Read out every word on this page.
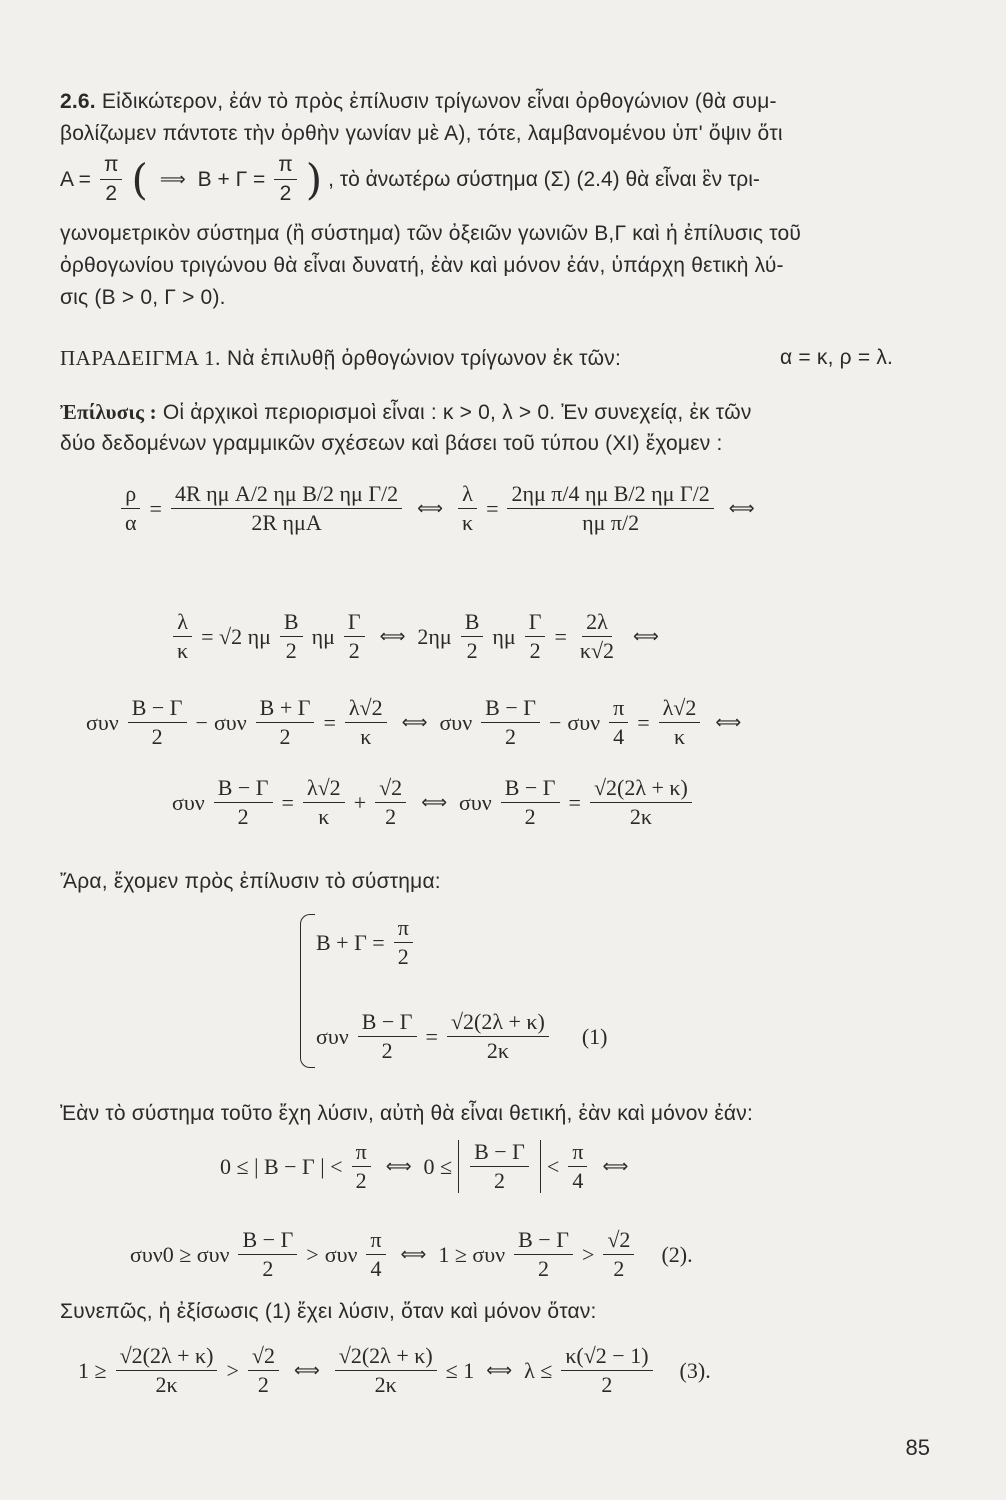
2.6. Εἰδικώτερον, ἐάν τὸ πρὸς ἐπίλυσιν τρίγωνον εἶναι ὀρθογώνιον (θὰ συμ-
βολίζωμεν πάντοτε τὴν ὀρθὴν γωνίαν μὲ Α), τότε, λαμβανομένου ὑπ' ὄψιν ὅτι
$A = \frac{\pi}{2}$ ( ⟹ $B + \Gamma = \frac{\pi}{2}$ ) , τὸ ἀνωτέρω σύστημα (Σ) (2.4) θὰ εἶναι ἓν τρι-
γωνομετρικὸν σύστημα (ἢ σύστημα) τῶν ὀξειῶν γωνιῶν Β,Γ καὶ ἡ ἐπίλυσις τοῦ
ὀρθογωνίου τριγώνου θὰ εἶναι δυνατή, ἐὰν καὶ μόνον ἐάν, ὑπάρχη θετικὴ λύ-
σις (Β > 0, Γ > 0).
ΠΑΡΑΔΕΙΓΜΑ 1. Νὰ ἐπιλυθῇ ὀρθογώνιον τρίγωνον ἐκ τῶν:	α = κ, ρ = λ.
Ἐπίλυσις : Οἱ ἀρχικοὶ περιορισμοὶ εἶναι : κ > 0, λ > 0. Ἐν συνεχείᾳ, ἐκ τῶν
δύο δεδομένων γραμμικῶν σχέσεων καὶ βάσει τοῦ τύπου (ΧΙ) ἔχομεν :
$\frac{\rho}{\alpha} = \frac{\text{4R ημ A/2 ημ B/2 ημ Γ/2}}{\text{2R ημA}}$ ⟺ $\frac{\lambda}{\kappa} = \frac{\text{2ημ π/4 ημ B/2 ημ Γ/2}}{\text{ημ π/2}}$ ⟺
$\frac{\lambda}{\kappa} = √2$ ημ $\frac{B}{2}$ ημ $\frac{\Gamma}{2}$ ⟺ $2\eta\mu \frac{B}{2}$ ημ $\frac{\Gamma}{2} = \frac{2\lambda}{\kappa√2}$ ⟺
συν $\frac{B - \Gamma}{2} - \sigma\upsilon\nu \frac{B + \Gamma}{2} = \frac{\lambda√2}{\kappa}$ ⟺ συν $\frac{B - \Gamma}{2} - \sigma\upsilon\nu \frac{\pi}{4} = \frac{\lambda√2}{\kappa}$ ⟺
συν $\frac{B - \Gamma}{2} = \frac{\lambda√2}{\kappa} + \frac{√2}{2}$ ⟺ συν $\frac{B - \Gamma}{2} = \frac{√2(2\lambda + \kappa)}{2\kappa}$
Ἄρα, ἔχομεν πρὸς ἐπίλυσιν τὸ σύστημα:
$B + \Gamma = \frac{\pi}{2}$
συν $\frac{B - \Gamma}{2} = \frac{√2(2\lambda + \kappa)}{2\kappa} (1)$
Ἐὰν τὸ σύστημα τοῦτο ἔχη λύσιν, αὐτὴ θὰ εἶναι θετική, ἐὰν καὶ μόνον ἐάν:
0 ≤ | Β − Γ | < $\frac{\pi}{2}$ ⟺ $0 \le \frac{B - \Gamma}{2} < \frac{\pi}{4}$ ⟺
συν0 ≥ συν $\frac{B - \Gamma}{2} > \sigma\upsilon\nu \frac{\pi}{4}$ ⟺ 1 ≥ συν $\frac{B - \Gamma}{2} > \frac{√2}{2} (2)$.
Συνεπῶς, ἡ ἐξίσωσις (1) ἔχει λύσιν, ὅταν καὶ μόνον ὅταν:
$1 \ge \frac{√2(2\lambda + \kappa)}{2\kappa} > \frac{√2}{2}$ ⟺ $\frac{√2(2\lambda + \kappa)}{2\kappa} \le 1$ ⟺ $\lambda \le \frac{\kappa(√2 - 1)}{2} (3)$.
85
